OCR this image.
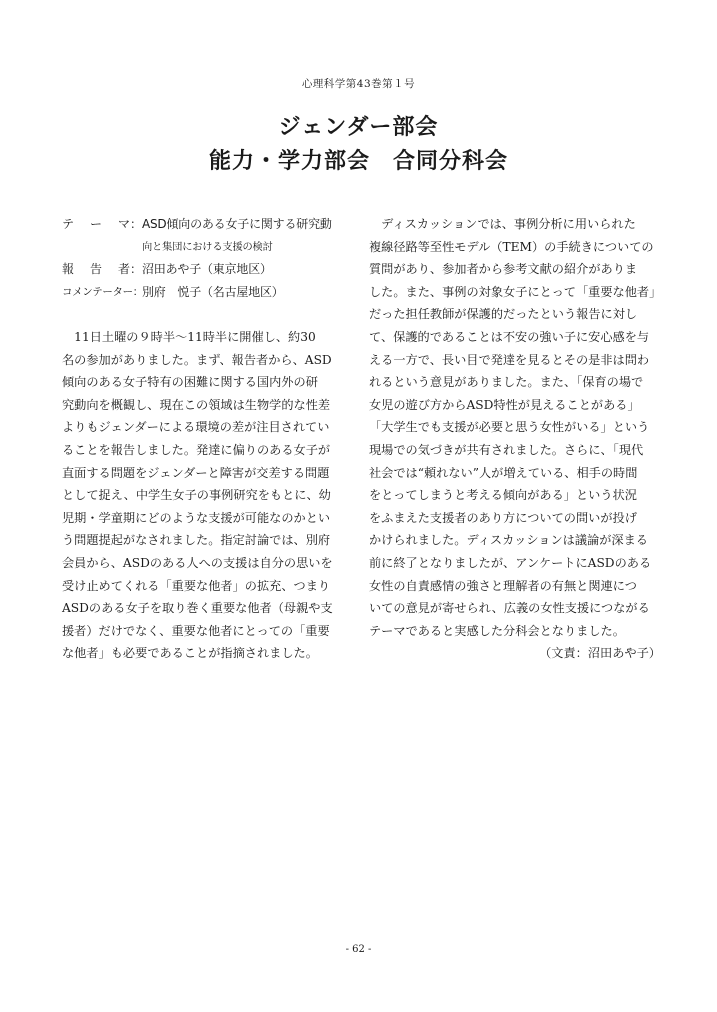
心理科学第43巻第１号
ジェンダー部会
能力・学力部会　合同分科会
テ ー マ： ASD傾向のある女子に関する研究動
向と集団における支援の検討
報 告 者： 沼田あや子（東京地区）
コメンテーター： 別府　悦子（名古屋地区）
　11日土曜の９時半～11時半に開催し、約30
名の参加がありました。まず、報告者から、ASD
傾向のある女子特有の困難に関する国内外の研
究動向を概観し、現在この領域は生物学的な性差
よりもジェンダーによる環境の差が注目されてい
ることを報告しました。発達に偏りのある女子が
直面する問題をジェンダーと障害が交差する問題
として捉え、中学生女子の事例研究をもとに、幼
児期・学童期にどのような支援が可能なのかとい
う問題提起がなされました。指定討論では、別府
会員から、ASDのある人への支援は自分の思いを
受け止めてくれる「重要な他者」の拡充、つまり
ASDのある女子を取り巻く重要な他者（母親や支
援者）だけでなく、重要な他者にとっての「重要
な他者」も必要であることが指摘されました。
　ディスカッションでは、事例分析に用いられた
複線径路等至性モデル（TEM）の手続きについての
質問があり、参加者から参考文献の紹介がありま
した。また、事例の対象女子にとって「重要な他者」
だった担任教師が保護的だったという報告に対し
て、保護的であることは不安の強い子に安心感を与
える一方で、長い目で発達を見るとその是非は問わ
れるという意見がありました。また、「保育の場で
女児の遊び方からASD特性が見えることがある」
「大学生でも支援が必要と思う女性がいる」という
現場での気づきが共有されました。さらに、「現代
社会では“頼れない”人が増えている、相手の時間
をとってしまうと考える傾向がある」という状況
をふまえた支援者のあり方についての問いが投げ
かけられました。ディスカッションは議論が深まる
前に終了となりましたが、アンケートにASDのある
女性の自責感情の強さと理解者の有無と関連につ
いての意見が寄せられ、広義の女性支援につながる
テーマであると実感した分科会となりました。
（文責：沼田あや子）
- 62 -
